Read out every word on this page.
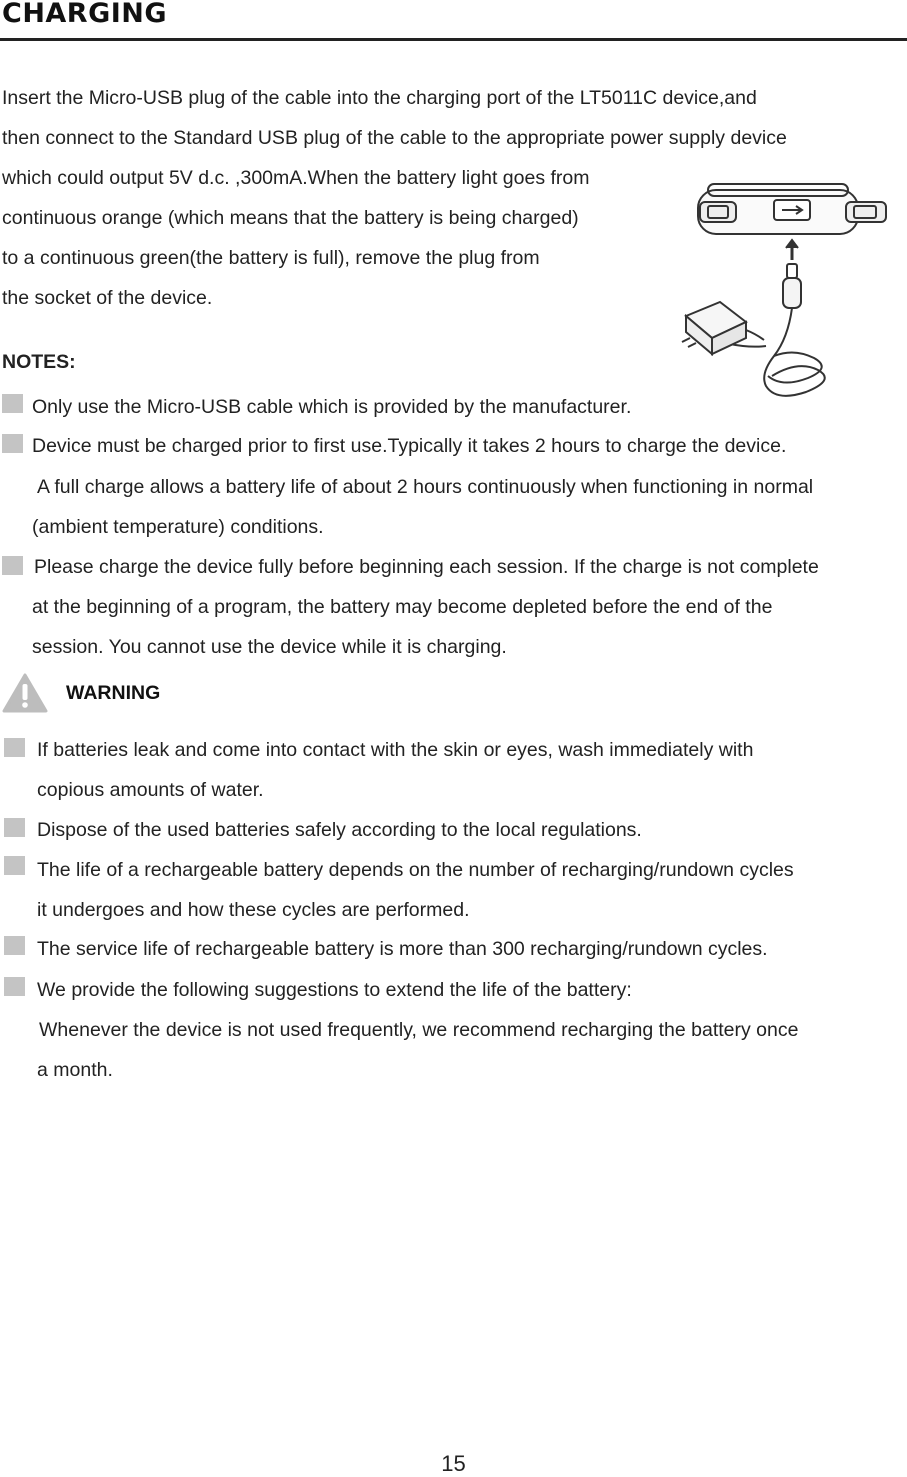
CHARGING
Insert the Micro-USB plug of the cable into the charging port of the LT5011C device,and
then connect to the Standard USB plug of the cable to the appropriate power supply device
which could output 5V d.c. ,300mA.When the battery light goes from
continuous orange (which means that the battery is being charged)
to a continuous green(the battery is full), remove the plug from
the socket of the device.
NOTES:
Only use the Micro-USB cable which is provided by the manufacturer.
Device must be charged prior to first use.Typically it takes 2 hours to charge the device.
A full charge allows a battery life of about 2 hours continuously when functioning in normal
(ambient temperature) conditions.
Please charge the device fully before beginning each session. If the charge is not complete
at the beginning of a program, the battery may become depleted before the end of the
session. You cannot use the device while it is charging.
WARNING
If batteries leak and come into contact with the skin or eyes, wash immediately with
copious amounts of water.
Dispose of the used batteries safely according to the local regulations.
The life of a rechargeable battery depends on the number of recharging/rundown cycles
it undergoes and how these cycles are performed.
The service life of rechargeable battery is more than 300 recharging/rundown cycles.
We provide the following suggestions to extend the life of the battery:
Whenever the device is not used frequently, we recommend recharging the battery once
a month.
15
